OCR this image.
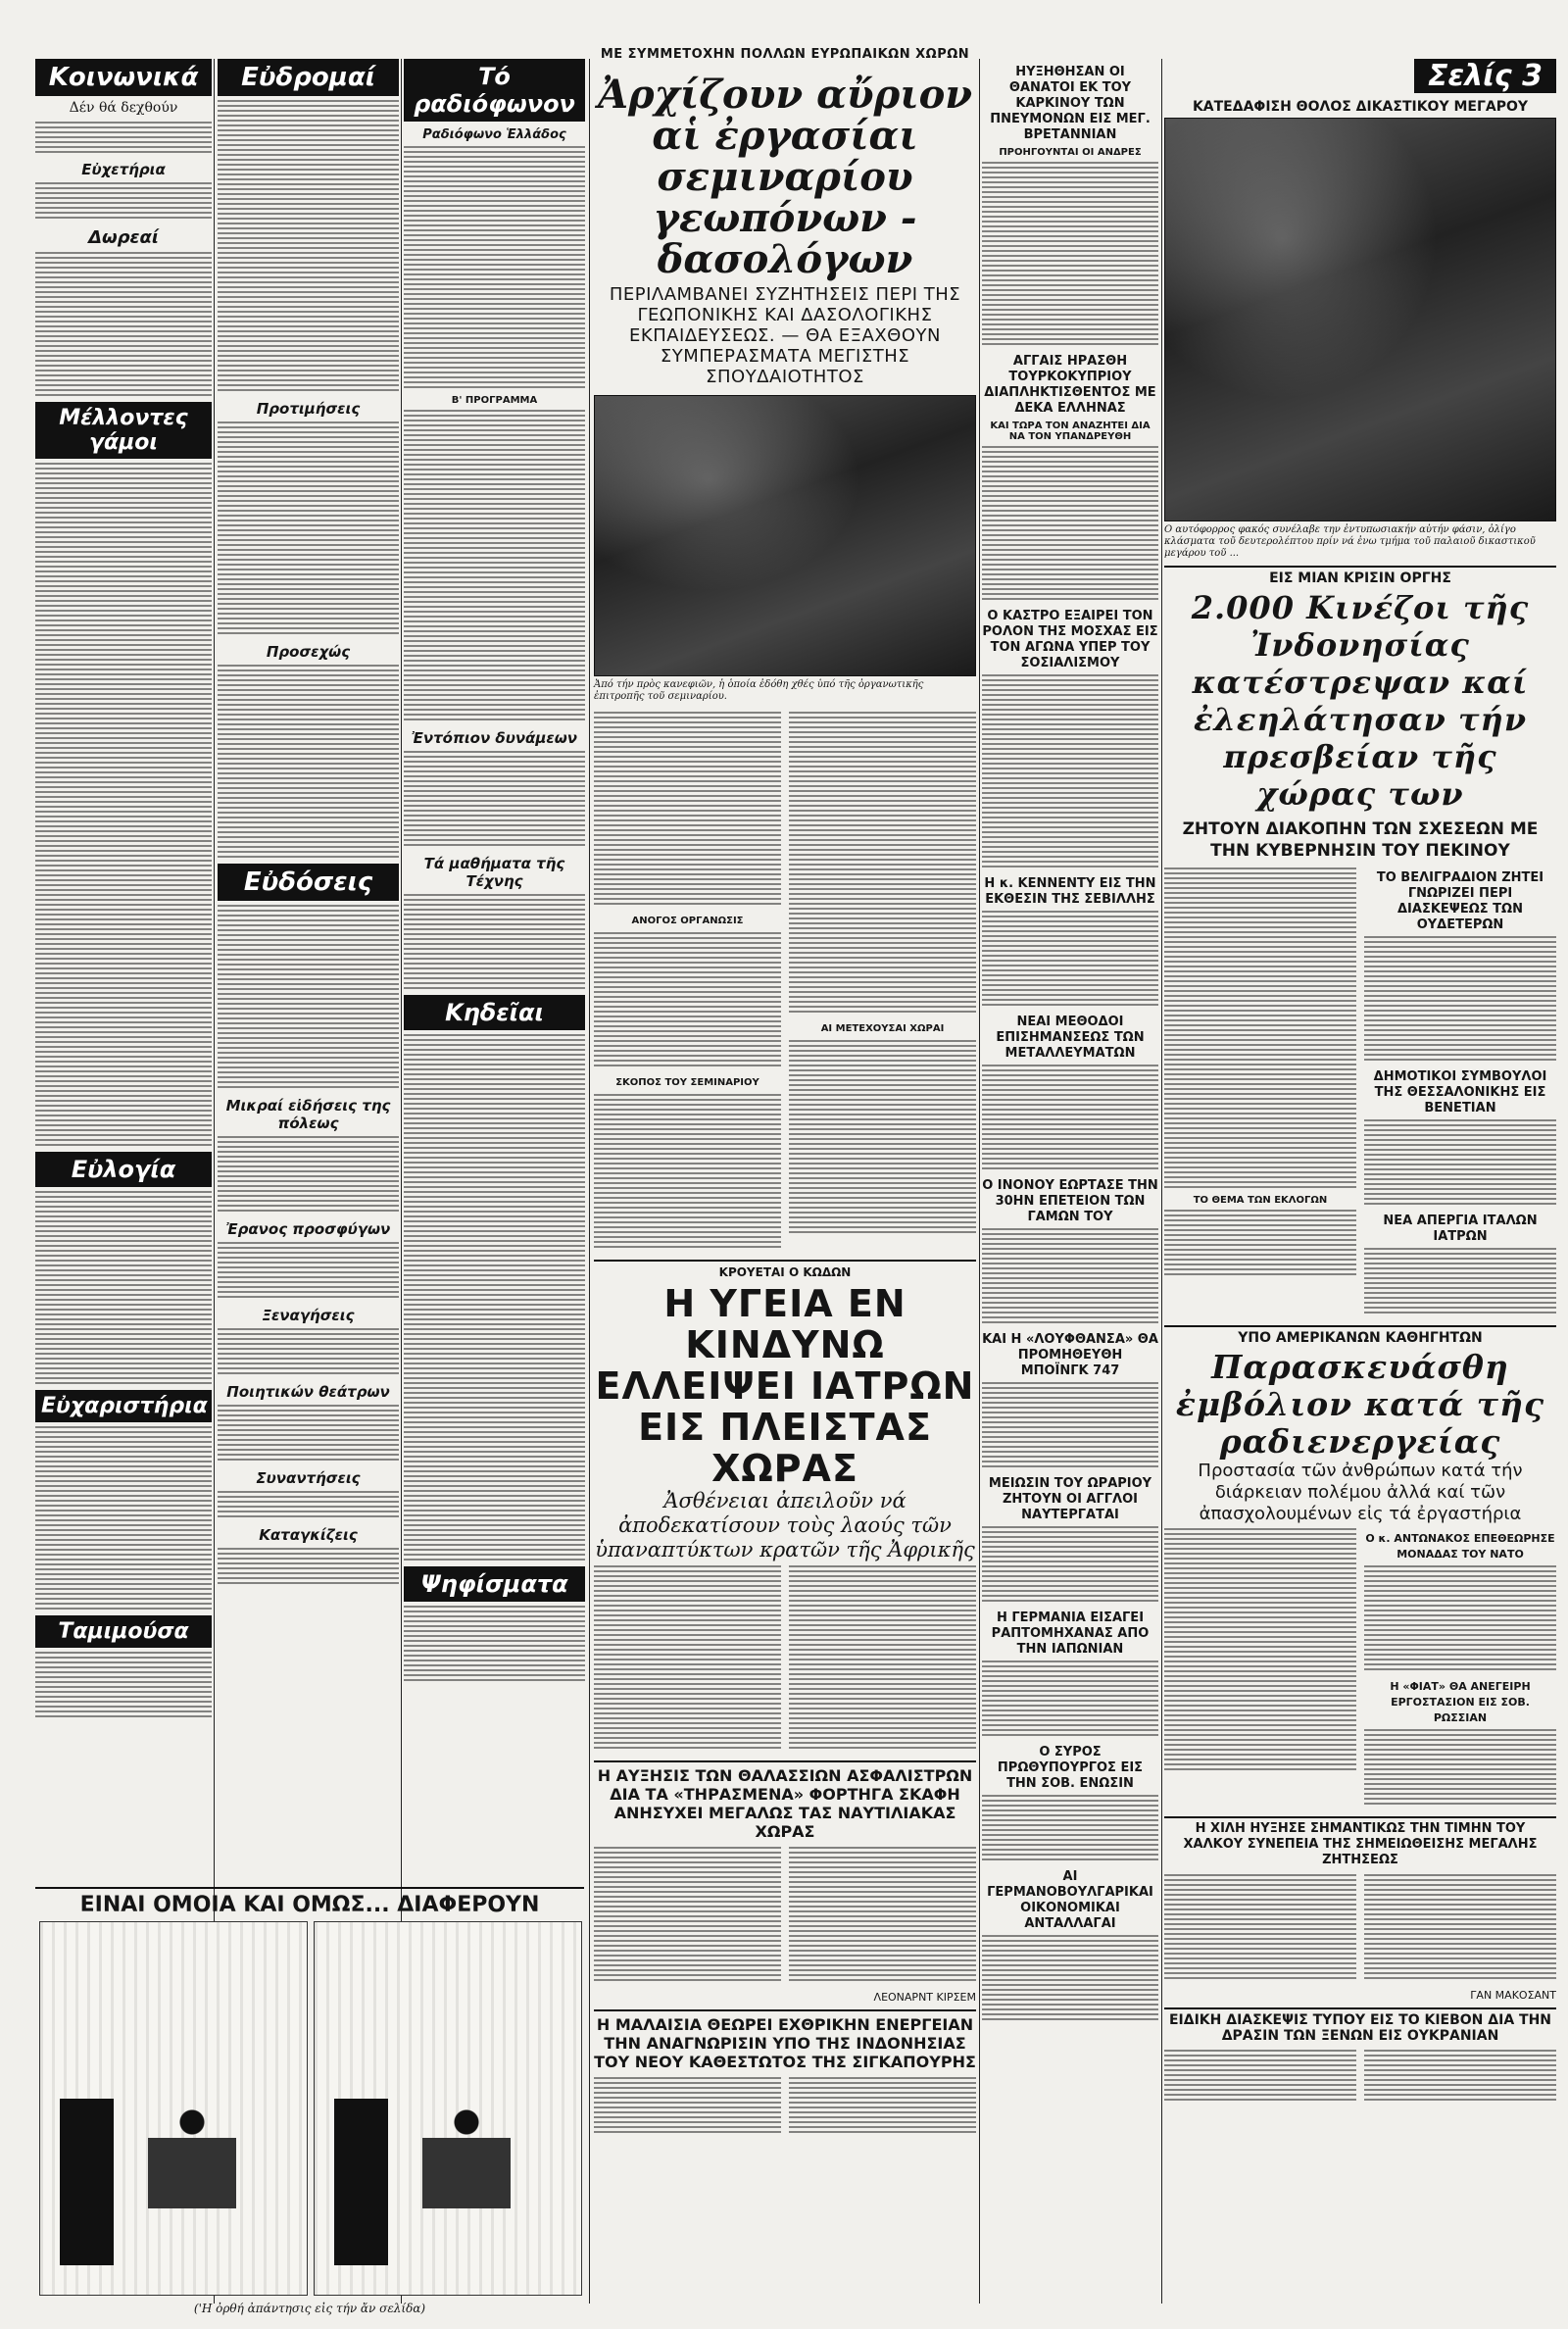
ΜΕ ΣΥΜΜΕΤΟΧΗΝ ΠΟΛΛΩΝ ΕΥΡΩΠΑΙΚΩΝ ΧΩΡΩΝ
Κοινωνικά
Δέν θά δεχθούν
Εὐχετήρια
Δωρεαί
Μέλλοντες γάμοι
Εὐλογία
Εὐχαριστήρια
Ταμιμούσα
Εὐδρομαί
Προτιμήσεις
Προσεχώς
Εὐδόσεις
Μικραί εἰδήσεις της πόλεως
Ἐρανος προσφύγων
Ξεναγήσεις
Ποιητικών θεάτρων
Συναντήσεις
Καταγκίζεις
Τό ραδιόφωνον
Ραδιόφωνο Ἑλλάδος
Β' ΠΡΟΓΡΑΜΜΑ
Ἐντόπιον δυνάμεων
Τά μαθήματα τῆς Τέχνης
Κηδεῖαι
Ψηφίσματα
Ἀρχίζουν αὔριον αἱ ἐργασίαι σεμιναρίου γεωπόνων - δασολόγων
ΠΕΡΙΛΑΜΒΑΝΕΙ ΣΥΖΗΤΗΣΕΙΣ ΠΕΡΙ ΤΗΣ ΓΕΩΠΟΝΙΚΗΣ ΚΑΙ ΔΑΣΟΛΟΓΙΚΗΣ ΕΚΠΑΙΔΕΥΣΕΩΣ. — ΘΑ ΕΞΑΧΘΟΥΝ ΣΥΜΠΕΡΑΣΜΑΤΑ ΜΕΓΙΣΤΗΣ ΣΠΟΥΔΑΙΟΤΗΤΟΣ
Ἀπό τήν πρὸς κανεφιῶν, ἡ ὁποία ἐδόθη χθές ὑπό τῆς ὀργανωτικῆς ἐπιτροπῆς τοῦ σεμιναρίου.
ΑΝΟΓΟΣ ΟΡΓΑΝΩΣΙΣ
ΣΚΟΠΟΣ ΤΟΥ ΣΕΜΙΝΑΡΙΟΥ
ΑΙ ΜΕΤΕΧΟΥΣΑΙ ΧΩΡΑΙ
ΚΡΟΥΕΤΑΙ Ο ΚΩΔΩΝ
Η ΥΓΕΙΑ ΕΝ ΚΙΝΔΥΝΩ ΕΛΛΕΙΨΕΙ ΙΑΤΡΩΝ ΕΙΣ ΠΛΕΙΣΤΑΣ ΧΩΡΑΣ
Ἀσθένειαι ἀπειλοῦν νά ἀποδεκατίσουν τοὺς λαούς τῶν ὑπαναπτύκτων κρατῶν τῆς Ἀφρικῆς
Η ΑΥΞΗΣΙΣ ΤΩΝ ΘΑΛΑΣΣΙΩΝ ΑΣΦΑΛΙΣΤΡΩΝ ΔΙΑ ΤΑ «ΤΗΡΑΣΜΕΝΑ» ΦΟΡΤΗΓΑ ΣΚΑΦΗ ΑΝΗΣΥΧΕΙ ΜΕΓΑΛΩΣ ΤΑΣ ΝΑΥΤΙΛΙΑΚΑΣ ΧΩΡΑΣ
ΛΕΟΝΑΡΝΤ ΚΙΡΣΕΜ
Η ΜΑΛΑΙΣΙΑ ΘΕΩΡΕΙ ΕΧΘΡΙΚΗΝ ΕΝΕΡΓΕΙΑΝ ΤΗΝ ΑΝΑΓΝΩΡΙΣΙΝ ΥΠΟ ΤΗΣ ΙΝΔΟΝΗΣΙΑΣ ΤΟΥ ΝΕΟΥ ΚΑΘΕΣΤΩΤΟΣ ΤΗΣ ΣΙΓΚΑΠΟΥΡΗΣ
ΗΥΞΗΘΗΣΑΝ ΟΙ ΘΑΝΑΤΟΙ ΕΚ ΤΟΥ ΚΑΡΚΙΝΟΥ ΤΩΝ ΠΝΕΥΜΟΝΩΝ ΕΙΣ ΜΕΓ. ΒΡΕΤΑΝΝΙΑΝ
ΠΡΟΗΓΟΥΝΤΑΙ ΟΙ ΑΝΔΡΕΣ
ΑΓΓΑΙΣ ΗΡΑΣΘΗ ΤΟΥΡΚΟΚΥΠΡΙΟΥ ΔΙΑΠΛΗΚΤΙΣΘΕΝΤΟΣ ΜΕ ΔΕΚΑ ΕΛΛΗΝΑΣ
ΚΑΙ ΤΩΡΑ ΤΟΝ ΑΝΑΖΗΤΕΙ ΔΙΑ ΝΑ ΤΟΝ ΥΠΑΝΔΡΕΥΘΗ
Ο ΚΑΣΤΡΟ ΕΞΑΙΡΕΙ ΤΟΝ ΡΟΛΟΝ ΤΗΣ ΜΟΣΧΑΣ ΕΙΣ ΤΟΝ ΑΓΩΝΑ ΥΠΕΡ ΤΟΥ ΣΟΣΙΑΛΙΣΜΟΥ
Η κ. ΚΕΝΝΕΝΤΥ ΕΙΣ ΤΗΝ ΕΚΘΕΣΙΝ ΤΗΣ ΣΕΒΙΛΛΗΣ
ΝΕΑΙ ΜΕΘΟΔΟΙ ΕΠΙΣΗΜΑΝΣΕΩΣ ΤΩΝ ΜΕΤΑΛΛΕΥΜΑΤΩΝ
Ο ΙΝΟΝΟΥ ΕΩΡΤΑΣΕ ΤΗΝ 30ΗΝ ΕΠΕΤΕΙΟΝ ΤΩΝ ΓΑΜΩΝ ΤΟΥ
ΚΑΙ Η «ΛΟΥΦΘΑΝΣΑ» ΘΑ ΠΡΟΜΗΘΕΥΘΗ ΜΠΟΪΝΓΚ 747
ΜΕΙΩΣΙΝ ΤΟΥ ΩΡΑΡΙΟΥ ΖΗΤΟΥΝ ΟΙ ΑΓΓΛΟΙ ΝΑΥΤΕΡΓΑΤΑΙ
Η ΓΕΡΜΑΝΙΑ ΕΙΣΑΓΕΙ ΡΑΠΤΟΜΗΧΑΝΑΣ ΑΠΟ ΤΗΝ ΙΑΠΩΝΙΑΝ
Ο ΣΥΡΟΣ ΠΡΩΘΥΠΟΥΡΓΟΣ ΕΙΣ ΤΗΝ ΣΟΒ. ΕΝΩΣΙΝ
ΑΙ ΓΕΡΜΑΝΟΒΟΥΛΓΑΡΙΚΑΙ ΟΙΚΟΝΟΜΙΚΑΙ ΑΝΤΑΛΛΑΓΑΙ
Σελίς 3
ΚΑΤΕΔΑΦΙΣΗ ΘΟΛΟΣ ΔΙΚΑΣΤΙΚΟΥ ΜΕΓΑΡΟΥ
Ο αυτόφορρος φακός συνέλαβε την ἐντυπωσιακήν αὐτήν φάσιν, ὀλίγο κλάσματα τοῦ δευτερολέπτου πρίν νά ἐνω τμήμα τοῦ παλαιοῦ δικαστικοῦ μεγάρου τοῦ ...
ΕΙΣ ΜΙΑΝ ΚΡΙΣΙΝ ΟΡΓΗΣ
2.000 Κινέζοι τῆς Ἰνδονησίας κατέστρεψαν καί ἐλεηλάτησαν τήν πρεσβείαν τῆς χώρας των
ΖΗΤΟΥΝ ΔΙΑΚΟΠΗΝ ΤΩΝ ΣΧΕΣΕΩΝ ΜΕ ΤΗΝ ΚΥΒΕΡΝΗΣΙΝ ΤΟΥ ΠΕΚΙΝΟΥ
ΤΟ ΘΕΜΑ ΤΩΝ ΕΚΛΟΓΩΝ
ΤΟ ΒΕΛΙΓΡΑΔΙΟΝ ΖΗΤΕΙ ΓΝΩΡΙΖΕΙ ΠΕΡΙ ΔΙΑΣΚΕΨΕΩΣ ΤΩΝ ΟΥΔΕΤΕΡΩΝ
ΔΗΜΟΤΙΚΟΙ ΣΥΜΒΟΥΛΟΙ ΤΗΣ ΘΕΣΣΑΛΟΝΙΚΗΣ ΕΙΣ ΒΕΝΕΤΙΑΝ
ΝΕΑ ΑΠΕΡΓΙΑ ΙΤΑΛΩΝ ΙΑΤΡΩΝ
ΥΠΟ ΑΜΕΡΙΚΑΝΩΝ ΚΑΘΗΓΗΤΩΝ
Παρασκευάσθη ἐμβόλιον κατά τῆς ραδιενεργείας
Προστασία τῶν ἀνθρώπων κατά τήν διάρκειαν πολέμου ἀλλά καί τῶν ἀπασχολουμένων εἰς τά ἐργαστήρια
Ο κ. ΑΝΤΩΝΑΚΟΣ ΕΠΕΘΕΩΡΗΣΕ ΜΟΝΑΔΑΣ ΤΟΥ ΝΑΤΟ
Η «ΦΙΑΤ» ΘΑ ΑΝΕΓΕΙΡΗ ΕΡΓΟΣΤΑΣΙΟΝ ΕΙΣ ΣΟΒ. ΡΩΣΣΙΑΝ
Η ΧΙΛΗ ΗΥΞΗΣΕ ΣΗΜΑΝΤΙΚΩΣ ΤΗΝ ΤΙΜΗΝ ΤΟΥ ΧΑΛΚΟΥ ΣΥΝΕΠΕΙΑ ΤΗΣ ΣΗΜΕΙΩΘΕΙΣΗΣ ΜΕΓΑΛΗΣ ΖΗΤΗΣΕΩΣ
ΓΑΝ ΜΑΚΟΣΑΝΤ
ΕΙΔΙΚΗ ΔΙΑΣΚΕΨΙΣ ΤΥΠΟΥ ΕΙΣ ΤΟ ΚΙΕΒΟΝ ΔΙΑ ΤΗΝ ΔΡΑΣΙΝ ΤΩΝ ΞΕΝΩΝ ΕΙΣ ΟΥΚΡΑΝΙΑΝ
ΕΙΝΑΙ ΟΜΟΙΑ ΚΑΙ ΟΜΩΣ... ΔΙΑΦΕΡΟΥΝ
('Η ὀρθή ἀπάντησις εἰς τήν ἄν σελίδα)
